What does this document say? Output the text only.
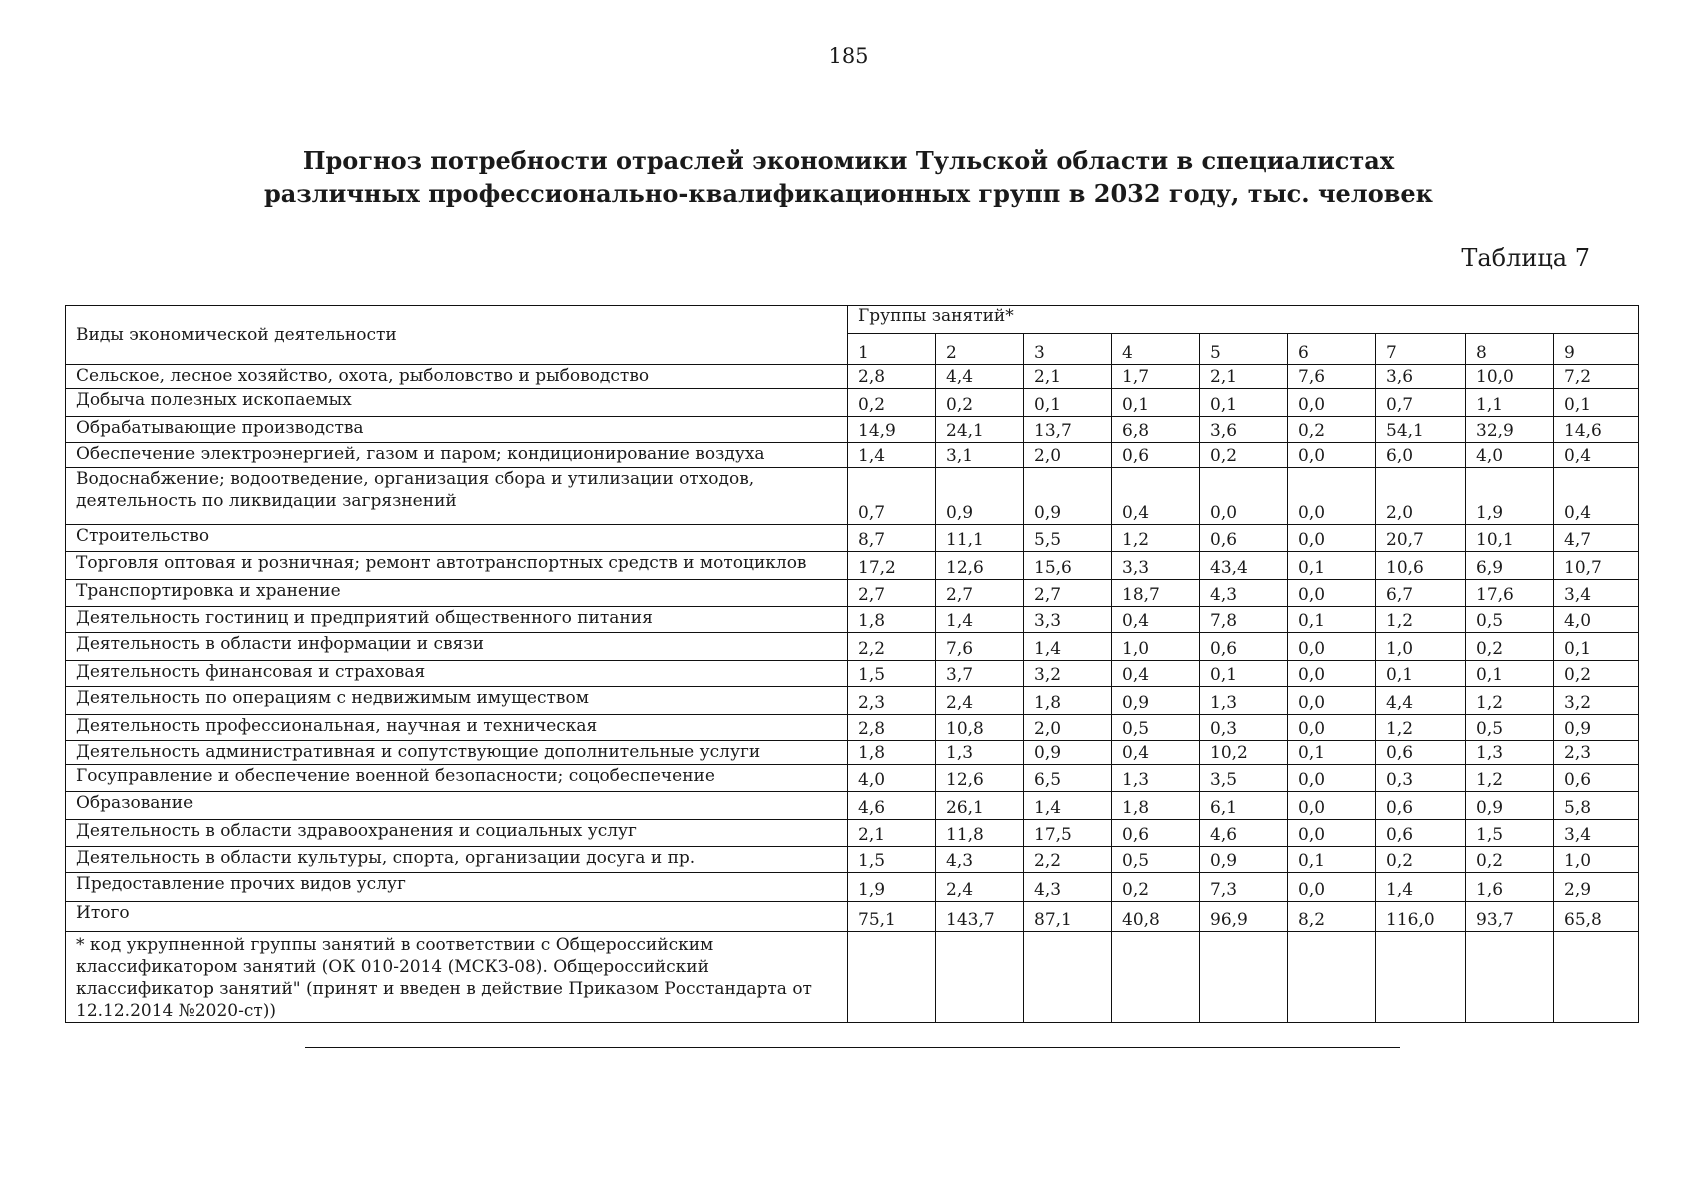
185
Прогноз потребности отраслей экономики Тульской области в специалистах
различных профессионально-квалификационных групп в 2032 году, тыс. человек
Таблица 7
Виды экономической деятельности	Группы занятий*								
	1	2	3	4	5	6	7	8	9
Сельское, лесное хозяйство, охота, рыболовство и рыбоводство	2,8	4,4	2,1	1,7	2,1	7,6	3,6	10,0	7,2
Добыча полезных ископаемых	0,2	0,2	0,1	0,1	0,1	0,0	0,7	1,1	0,1
Обрабатывающие производства	14,9	24,1	13,7	6,8	3,6	0,2	54,1	32,9	14,6
Обеспечение электроэнергией, газом и паром; кондиционирование воздуха	1,4	3,1	2,0	0,6	0,2	0,0	6,0	4,0	0,4
Водоснабжение; водоотведение, организация сбора и утилизации отходов, деятельность по ликвидации загрязнений	0,7	0,9	0,9	0,4	0,0	0,0	2,0	1,9	0,4
Строительство	8,7	11,1	5,5	1,2	0,6	0,0	20,7	10,1	4,7
Торговля оптовая и розничная; ремонт автотранспортных средств и мотоциклов	17,2	12,6	15,6	3,3	43,4	0,1	10,6	6,9	10,7
Транспортировка и хранение	2,7	2,7	2,7	18,7	4,3	0,0	6,7	17,6	3,4
Деятельность гостиниц и предприятий общественного питания	1,8	1,4	3,3	0,4	7,8	0,1	1,2	0,5	4,0
Деятельность в области информации и связи	2,2	7,6	1,4	1,0	0,6	0,0	1,0	0,2	0,1
Деятельность финансовая и страховая	1,5	3,7	3,2	0,4	0,1	0,0	0,1	0,1	0,2
Деятельность по операциям с недвижимым имуществом	2,3	2,4	1,8	0,9	1,3	0,0	4,4	1,2	3,2
Деятельность профессиональная, научная и техническая	2,8	10,8	2,0	0,5	0,3	0,0	1,2	0,5	0,9
Деятельность административная и сопутствующие дополнительные услуги	1,8	1,3	0,9	0,4	10,2	0,1	0,6	1,3	2,3
Госуправление и обеспечение военной безопасности; соцобеспечение	4,0	12,6	6,5	1,3	3,5	0,0	0,3	1,2	0,6
Образование	4,6	26,1	1,4	1,8	6,1	0,0	0,6	0,9	5,8
Деятельность в области здравоохранения и социальных услуг	2,1	11,8	17,5	0,6	4,6	0,0	0,6	1,5	3,4
Деятельность в области культуры, спорта, организации досуга и пр.	1,5	4,3	2,2	0,5	0,9	0,1	0,2	0,2	1,0
Предоставление прочих видов услуг	1,9	2,4	4,3	0,2	7,3	0,0	1,4	1,6	2,9
Итого	75,1	143,7	87,1	40,8	96,9	8,2	116,0	93,7	65,8
* код укрупненной группы занятий в соответствии с Общероссийским классификатором занятий (ОК 010-2014 (МСКЗ-08). Общероссийский классификатор занятий" (принят и введен в действие Приказом Росстандарта от 12.12.2014 №2020-ст))									
